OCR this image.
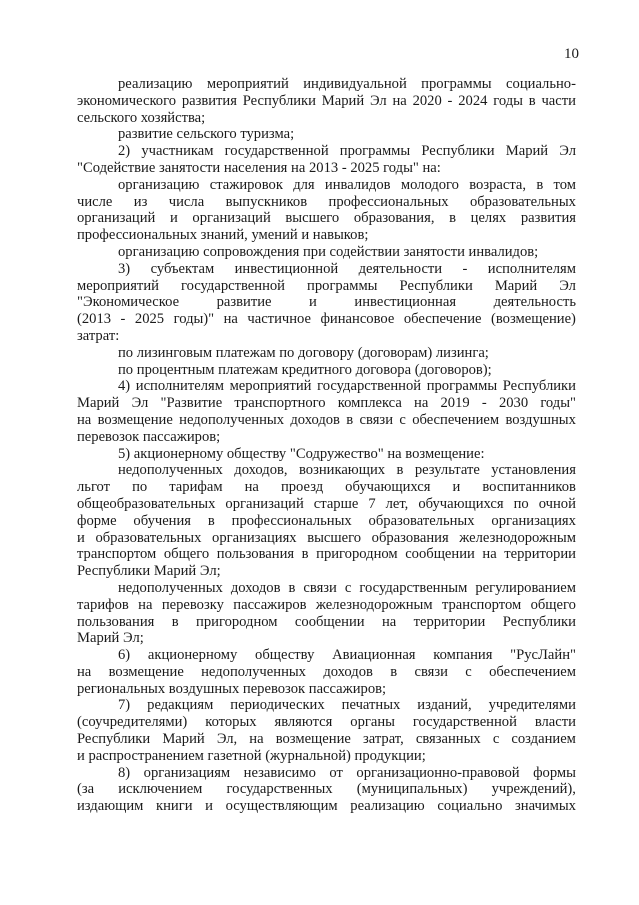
10
реализацию мероприятий индивидуальной программы социально-
экономического развития Республики Марий Эл на 2020 - 2024 годы в части
сельского хозяйства;
развитие сельского туризма;
2) участникам государственной программы Республики Марий Эл
"Содействие занятости населения на 2013 - 2025 годы" на:
организацию стажировок для инвалидов молодого возраста, в том
числе из числа выпускников профессиональных образовательных
организаций и организаций высшего образования, в целях развития
профессиональных знаний, умений и навыков;
организацию сопровождения при содействии занятости инвалидов;
3) субъектам инвестиционной деятельности - исполнителям
мероприятий государственной программы Республики Марий Эл
"Экономическое	развитие	и	инвестиционная	деятельность
(2013 - 2025 годы)" на частичное финансовое обеспечение (возмещение)
затрат:
по лизинговым платежам по договору (договорам) лизинга;
по процентным платежам кредитного договора (договоров);
4) исполнителям мероприятий государственной программы Республики
Марий Эл "Развитие транспортного комплекса на 2019 - 2030 годы"
на возмещение недополученных доходов в связи с обеспечением воздушных
перевозок пассажиров;
5) акционерному обществу "Содружество" на возмещение:
недополученных доходов, возникающих в результате установления
льгот по тарифам на проезд обучающихся и воспитанников
общеобразовательных организаций старше 7 лет, обучающихся по очной
форме обучения в профессиональных образовательных организациях
и образовательных организациях высшего образования железнодорожным
транспортом общего пользования в пригородном сообщении на территории
Республики Марий Эл;
недополученных доходов в связи с государственным регулированием
тарифов на перевозку пассажиров железнодорожным транспортом общего
пользования в пригородном сообщении на территории Республики
Марий Эл;
6) акционерному обществу Авиационная компания "РусЛайн"
на возмещение недополученных доходов в связи с обеспечением
региональных воздушных перевозок пассажиров;
7) редакциям периодических печатных изданий, учредителями
(соучредителями) которых являются органы государственной власти
Республики Марий Эл, на возмещение затрат, связанных с созданием
и распространением газетной (журнальной) продукции;
8) организациям независимо от организационно-правовой формы
(за исключением государственных (муниципальных) учреждений),
издающим книги и осуществляющим реализацию социально значимых
